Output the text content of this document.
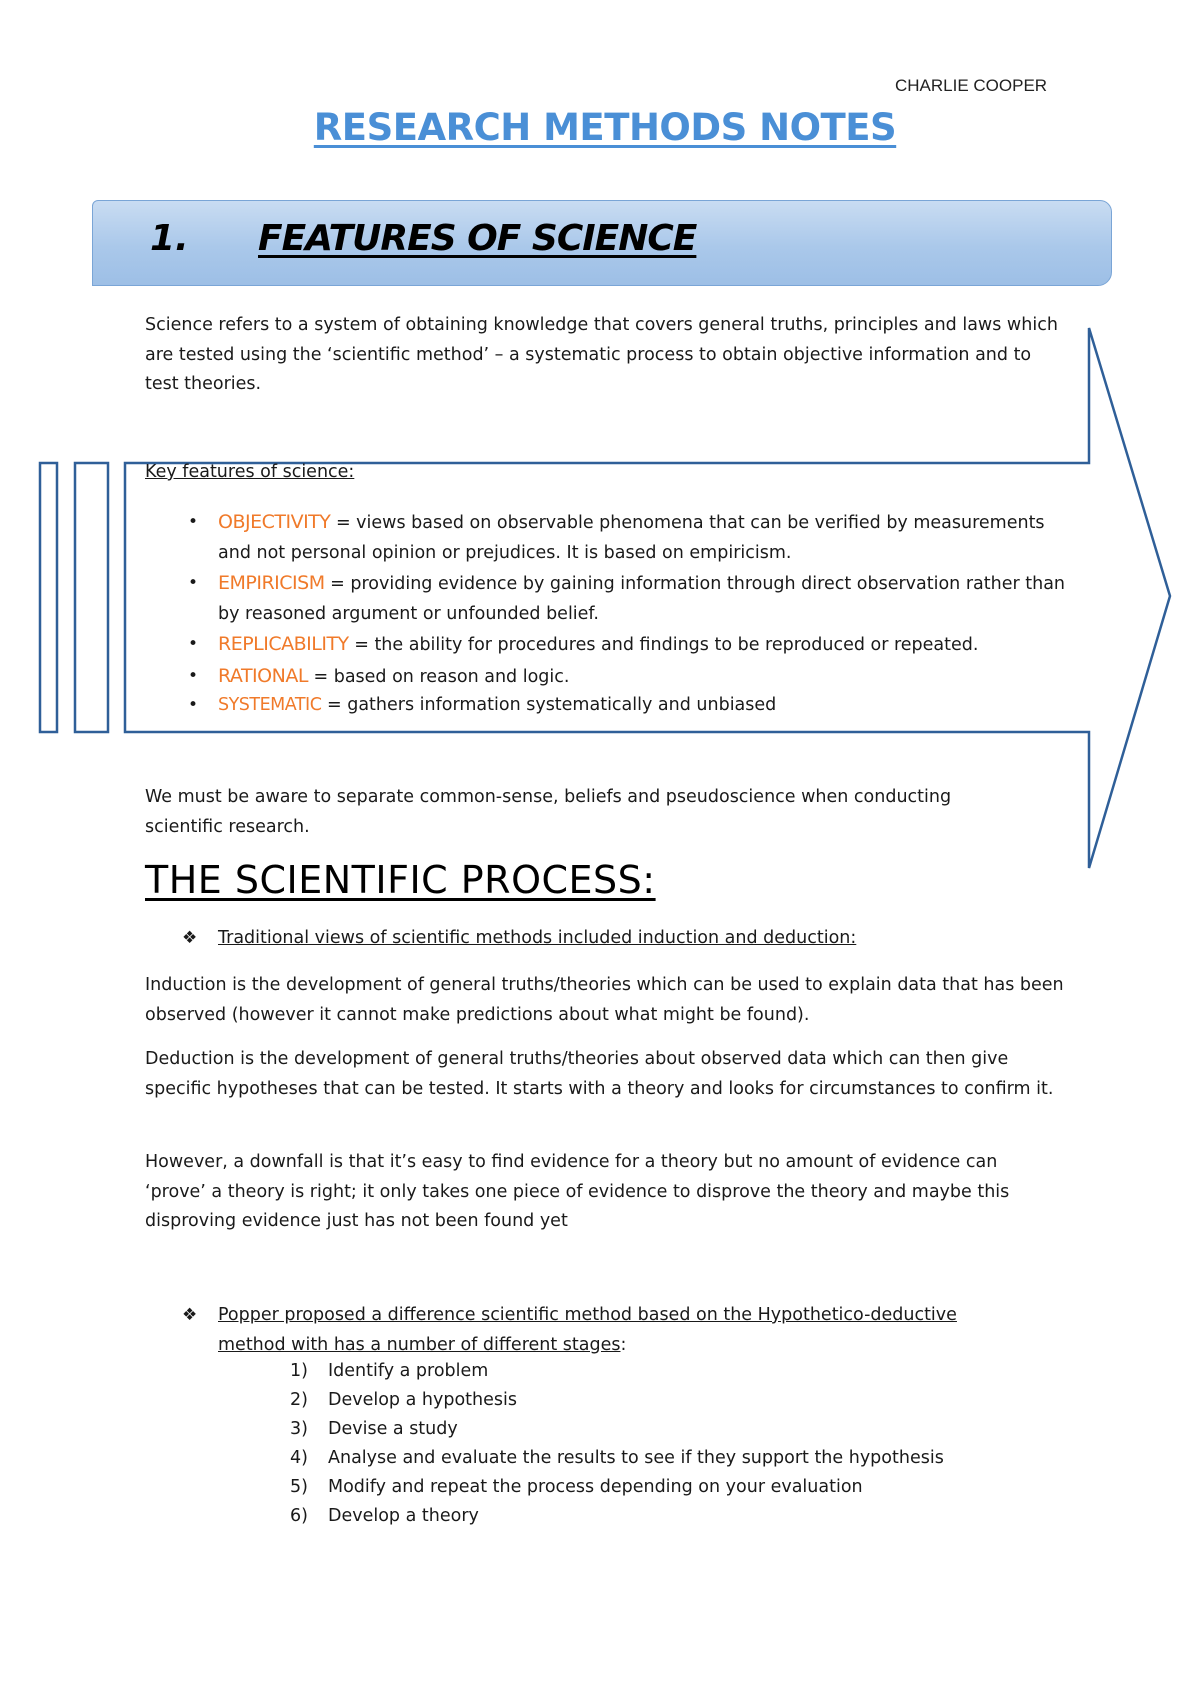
CHARLIE COOPER
RESEARCH METHODS NOTES
1. FEATURES OF SCIENCE
Science refers to a system of obtaining knowledge that covers general truths, principles and laws which are tested using the ‘scientific method’ – a systematic process to obtain objective information and to test theories.
Key features of science:
• OBJECTIVITY = views based on observable phenomena that can be verified by measurements and not personal opinion or prejudices. It is based on empiricism.
• EMPIRICISM = providing evidence by gaining information through direct observation rather than by reasoned argument or unfounded belief.
• REPLICABILITY = the ability for procedures and findings to be reproduced or repeated.
• RATIONAL = based on reason and logic.
• SYSTEMATIC = gathers information systematically and unbiased
We must be aware to separate common-sense, beliefs and pseudoscience when conducting scientific research.
THE SCIENTIFIC PROCESS:
❖ Traditional views of scientific methods included induction and deduction:
Induction is the development of general truths/theories which can be used to explain data that has been observed (however it cannot make predictions about what might be found).
Deduction is the development of general truths/theories about observed data which can then give specific hypotheses that can be tested. It starts with a theory and looks for circumstances to confirm it.
However, a downfall is that it’s easy to find evidence for a theory but no amount of evidence can ‘prove’ a theory is right; it only takes one piece of evidence to disprove the theory and maybe this disproving evidence just has not been found yet
❖ Popper proposed a difference scientific method based on the Hypothetico-deductive method with has a number of different stages:
1) Identify a problem
2) Develop a hypothesis
3) Devise a study
4) Analyse and evaluate the results to see if they support the hypothesis
5) Modify and repeat the process depending on your evaluation
6) Develop a theory
